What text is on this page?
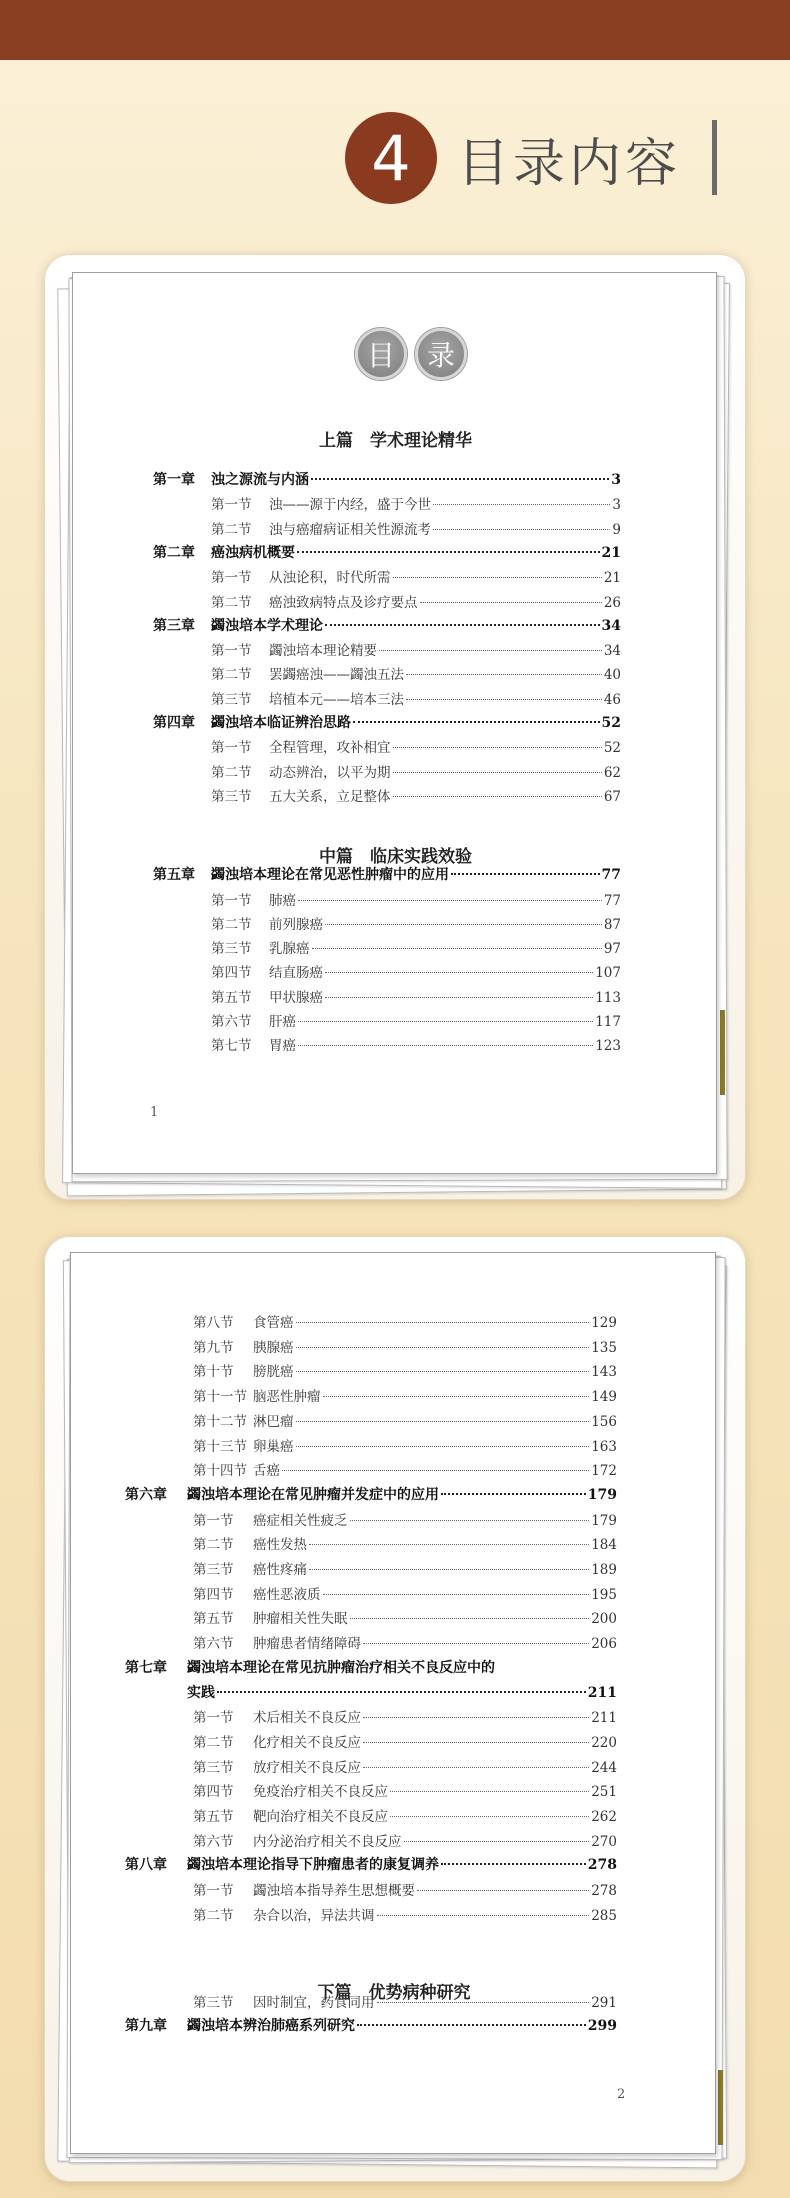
4 目录内容
目	录
上篇　学术理论精华
中篇　临床实践效验
第一章	浊之源流与内涵	3
第一节	浊——源于内经，盛于今世	3
第二节	浊与癌瘤病证相关性源流考	9
第二章	癌浊病机概要	21
第一节	从浊论积，时代所需	21
第二节	癌浊致病特点及诊疗要点	26
第三章	蠲浊培本学术理论	34
第一节	蠲浊培本理论精要	34
第二节	罢蠲癌浊——蠲浊五法	40
第三节	培植本元——培本三法	46
第四章	蠲浊培本临证辨治思路	52
第一节	全程管理，攻补相宜	52
第二节	动态辨治，以平为期	62
第三节	五大关系，立足整体	67
第五章	蠲浊培本理论在常见恶性肿瘤中的应用	77
第一节	肺癌	77
第二节	前列腺癌	87
第三节	乳腺癌	97
第四节	结直肠癌	107
第五节	甲状腺癌	113
第六节	肝癌	117
第七节	胃癌	123
1
下篇　优势病种研究
第八节	食管癌	129
第九节	胰腺癌	135
第十节	膀胱癌	143
第十一节 脑恶性肿瘤	149
第十二节 淋巴瘤	156
第十三节 卵巢癌	163
第十四节 舌癌	172
第六章	蠲浊培本理论在常见肿瘤并发症中的应用	179
第一节	癌症相关性疲乏	179
第二节	癌性发热	184
第三节	癌性疼痛	189
第四节	癌性恶液质	195
第五节	肿瘤相关性失眠	200
第六节	肿瘤患者情绪障碍	206
第七章	蠲浊培本理论在常见抗肿瘤治疗相关不良反应中的
实践	211
第一节	术后相关不良反应	211
第二节	化疗相关不良反应	220
第三节	放疗相关不良反应	244
第四节	免疫治疗相关不良反应	251
第五节	靶向治疗相关不良反应	262
第六节	内分泌治疗相关不良反应	270
第八章	蠲浊培本理论指导下肿瘤患者的康复调养	278
第一节	蠲浊培本指导养生思想概要	278
第二节	杂合以治，异法共调	285
第三节	因时制宜，药食同用	291
第九章	蠲浊培本辨治肺癌系列研究	299
2
